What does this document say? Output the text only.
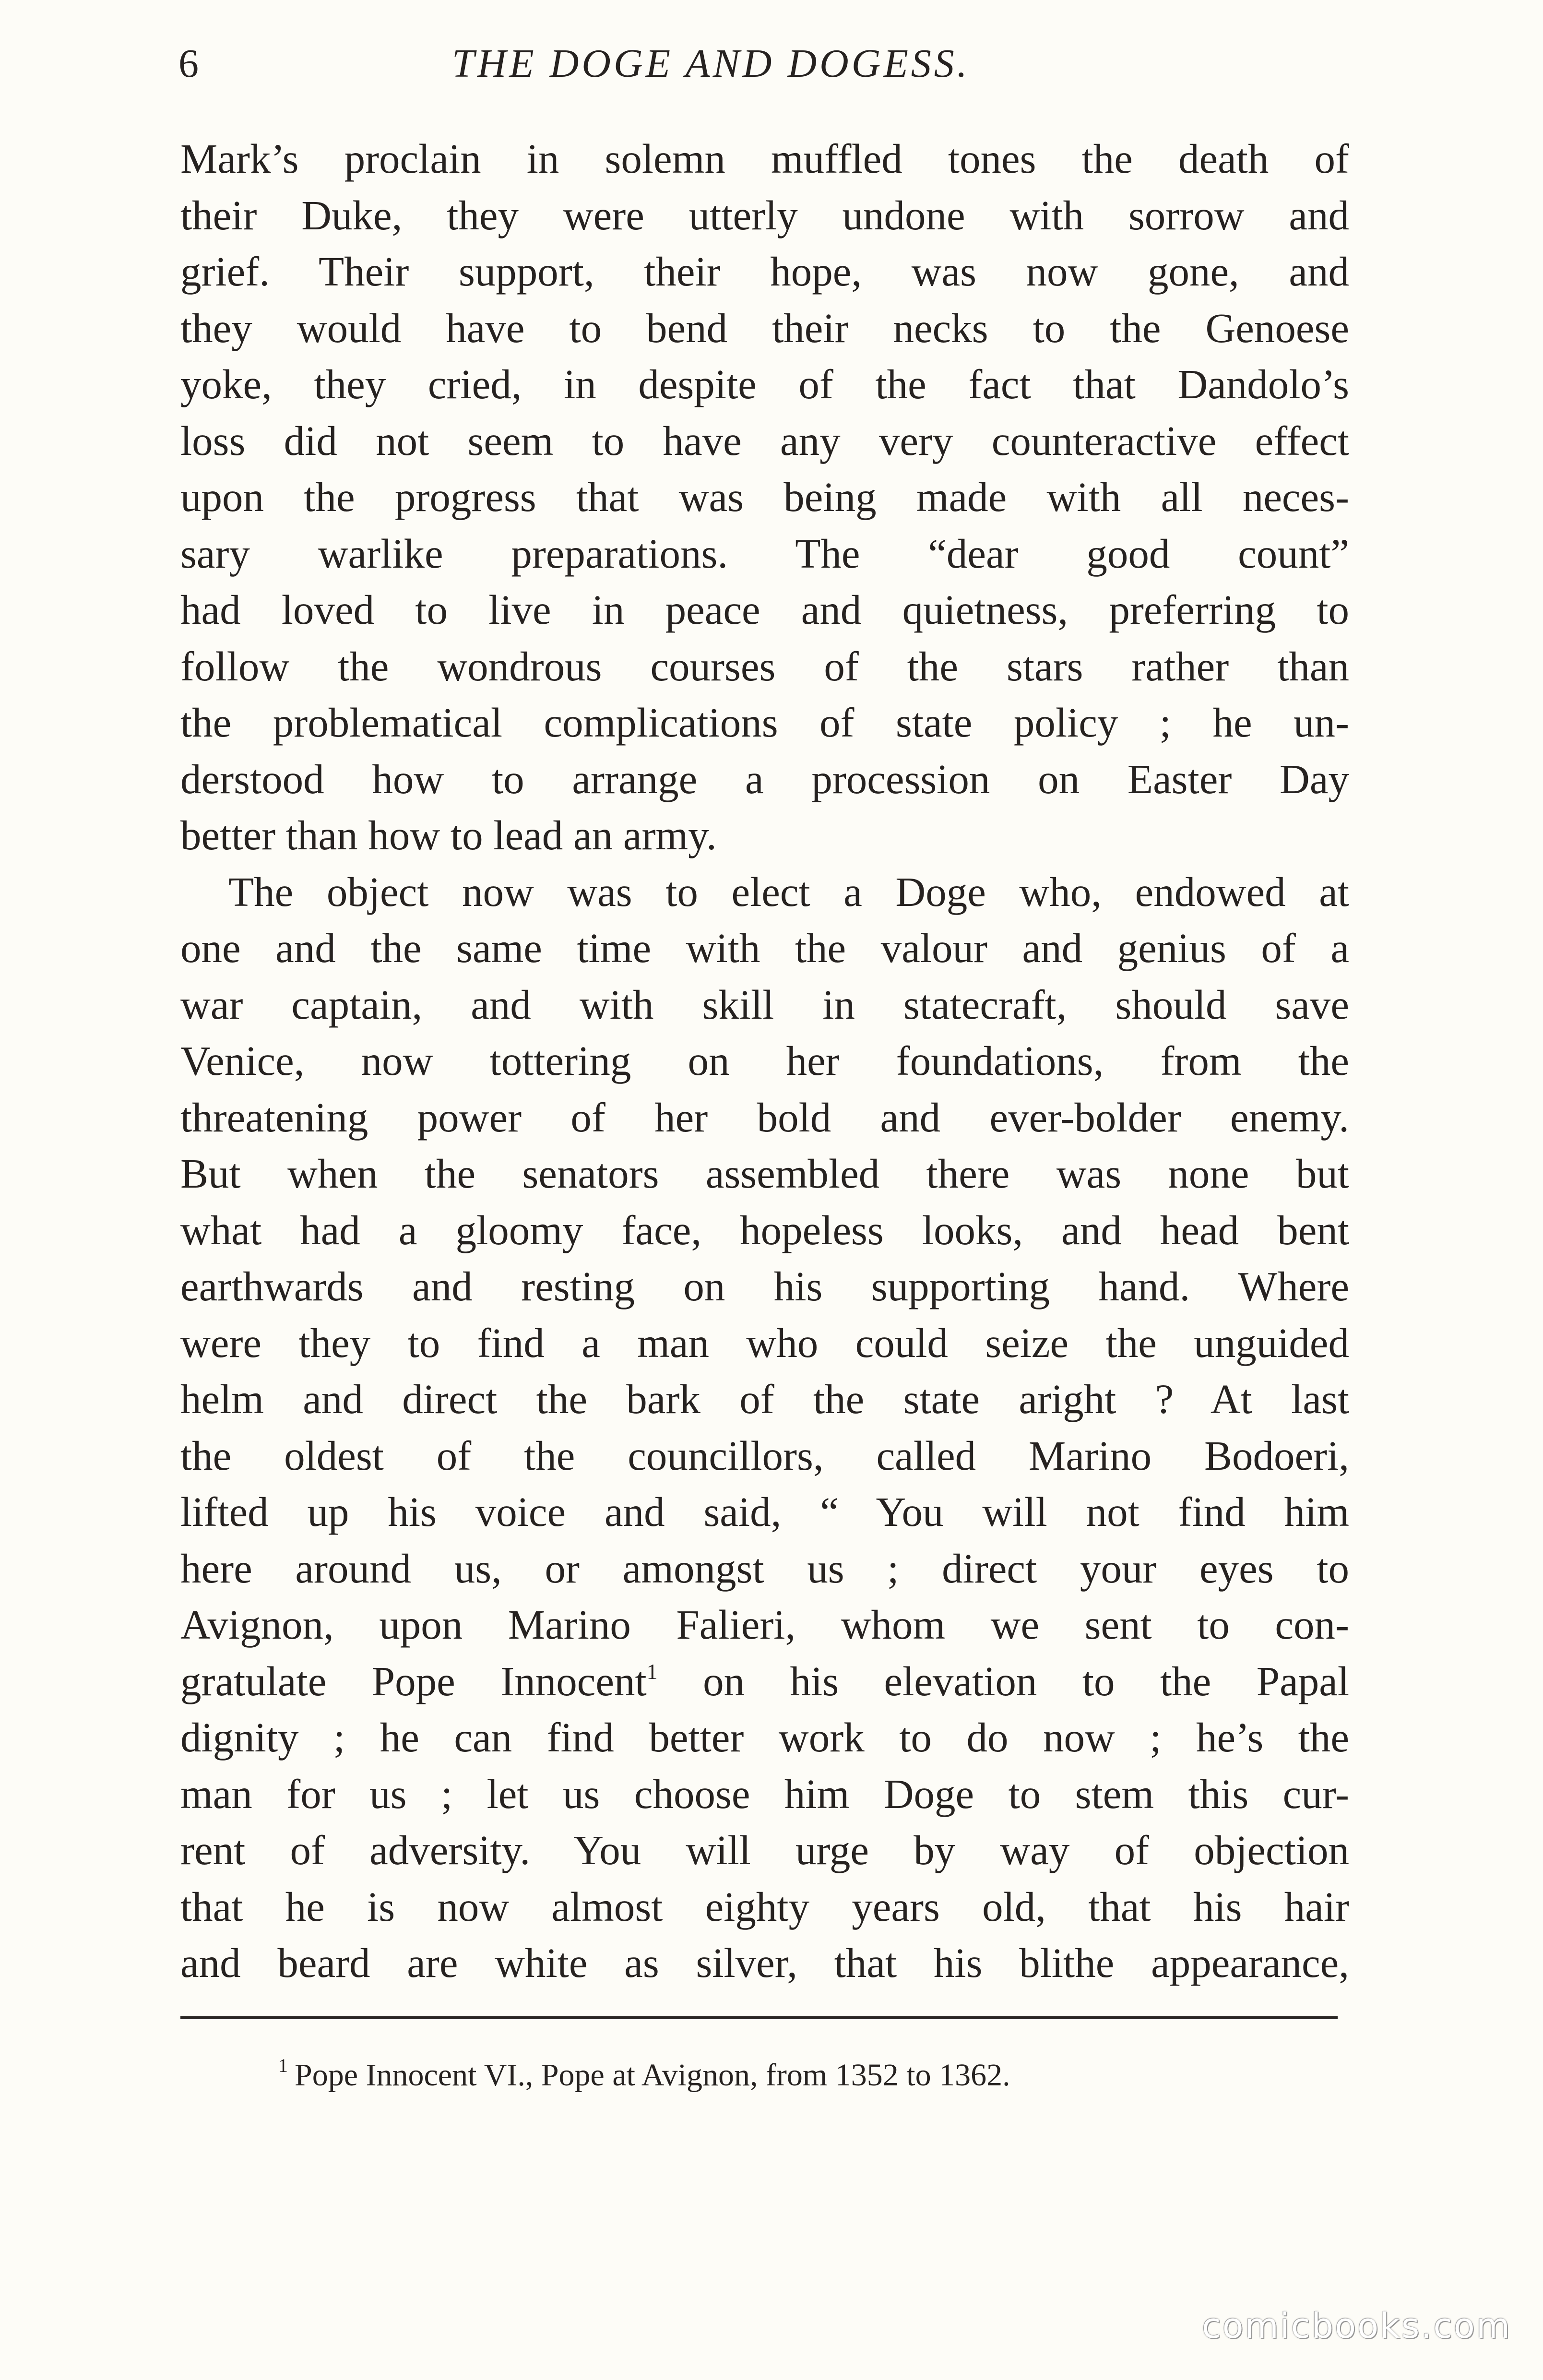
6	THE DOGE AND DOGESS.
Mark’s proclain in solemn muffled tones the death of
their Duke, they were utterly undone with sorrow and
grief. Their support, their hope, was now gone, and
they would have to bend their necks to the Genoese
yoke, they cried, in despite of the fact that Dandolo’s
loss did not seem to have any very counteractive effect
upon the progress that was being made with all neces-
sary warlike preparations. The “dear good count”
had loved to live in peace and quietness, preferring to
follow the wondrous courses of the stars rather than
the problematical complications of state policy ; he un-
derstood how to arrange a procession on Easter Day
better than how to lead an army.
The object now was to elect a Doge who, endowed at
one and the same time with the valour and genius of a
war captain, and with skill in statecraft, should save
Venice, now tottering on her foundations, from the
threatening power of her bold and ever-bolder enemy.
But when the senators assembled there was none but
what had a gloomy face, hopeless looks, and head bent
earthwards and resting on his supporting hand. Where
were they to find a man who could seize the unguided
helm and direct the bark of the state aright ? At last
the oldest of the councillors, called Marino Bodoeri,
lifted up his voice and said, “ You will not find him
here around us, or amongst us ; direct your eyes to
Avignon, upon Marino Falieri, whom we sent to con-
gratulate Pope Innocent$^1$ on his elevation to the Papal
dignity ; he can find better work to do now ; he’s the
man for us ; let us choose him Doge to stem this cur-
rent of adversity. You will urge by way of objection
that he is now almost eighty years old, that his hair
and beard are white as silver, that his blithe appearance,
$^1$ Pope Innocent VI., Pope at Avignon, from 1352 to 1362.
comicbooks.com
